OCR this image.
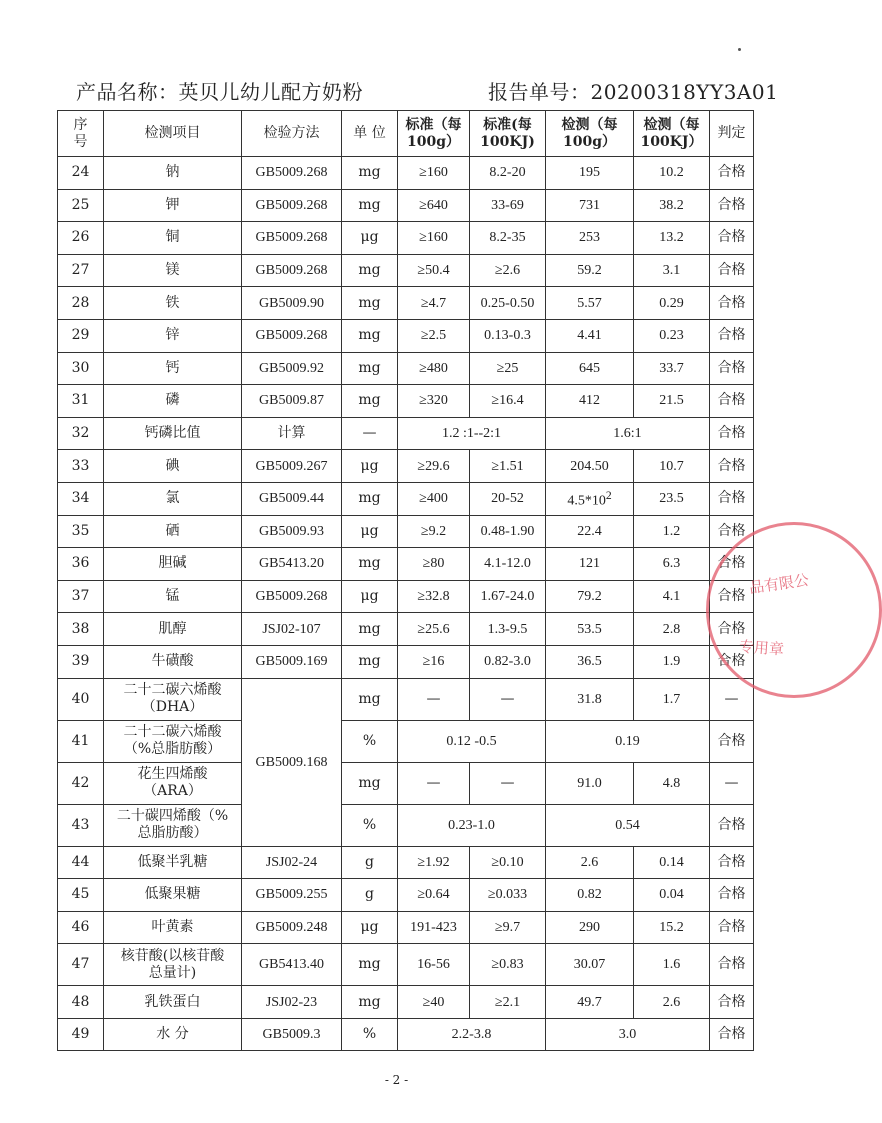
产品名称：英贝儿幼儿配方奶粉	报告单号：20200318YY3A01
序
号	检测项目	检验方法	单 位	标准（每
100g）	标准(每
100KJ)	检测（每
100g）	检测（每
100KJ）	判定
24	钠	GB5009.268	mg	≥160	8.2-20	195	10.2	合格
25	钾	GB5009.268	mg	≥640	33-69	731	38.2	合格
26	铜	GB5009.268	μg	≥160	8.2-35	253	13.2	合格
27	镁	GB5009.268	mg	≥50.4	≥2.6	59.2	3.1	合格
28	铁	GB5009.90	mg	≥4.7	0.25-0.50	5.57	0.29	合格
29	锌	GB5009.268	mg	≥2.5	0.13-0.3	4.41	0.23	合格
30	钙	GB5009.92	mg	≥480	≥25	645	33.7	合格
31	磷	GB5009.87	mg	≥320	≥16.4	412	21.5	合格
32	钙磷比值	计算	—	1.2 :1--2:1		1.6:1		合格
33	碘	GB5009.267	μg	≥29.6	≥1.51	204.50	10.7	合格
34	氯	GB5009.44	mg	≥400	20-52	$4.5*10^2$	23.5	合格
35	硒	GB5009.93	μg	≥9.2	0.48-1.90	22.4	1.2	合格
36	胆碱	GB5413.20	mg	≥80	4.1-12.0	121	6.3	合格
37	锰	GB5009.268	μg	≥32.8	1.67-24.0	79.2	4.1	合格
38	肌醇	JSJ02-107	mg	≥25.6	1.3-9.5	53.5	2.8	合格
39	牛磺酸	GB5009.169	mg	≥16	0.82-3.0	36.5	1.9	合格
40	二十二碳六烯酸
（DHA）	GB5009.168	mg	—	—	31.8	1.7	—
41	二十二碳六烯酸
（%总脂肪酸）		%	0.12 -0.5		0.19		合格
42	花生四烯酸
（ARA）		mg	—	—	91.0	4.8	—
43	二十碳四烯酸（%
总脂肪酸）		%	0.23-1.0		0.54		合格
44	低聚半乳糖	JSJ02-24	g	≥1.92	≥0.10	2.6	0.14	合格
45	低聚果糖	GB5009.255	g	≥0.64	≥0.033	0.82	0.04	合格
46	叶黄素	GB5009.248	μg	191-423	≥9.7	290	15.2	合格
47	核苷酸(以核苷酸
总量计)	GB5413.40	mg	16-56	≥0.83	30.07	1.6	合格
48	乳铁蛋白	JSJ02-23	mg	≥40	≥2.1	49.7	2.6	合格
49	水 分	GB5009.3	%	2.2-3.8		3.0		合格
品有限公
专用章
- 2 -
